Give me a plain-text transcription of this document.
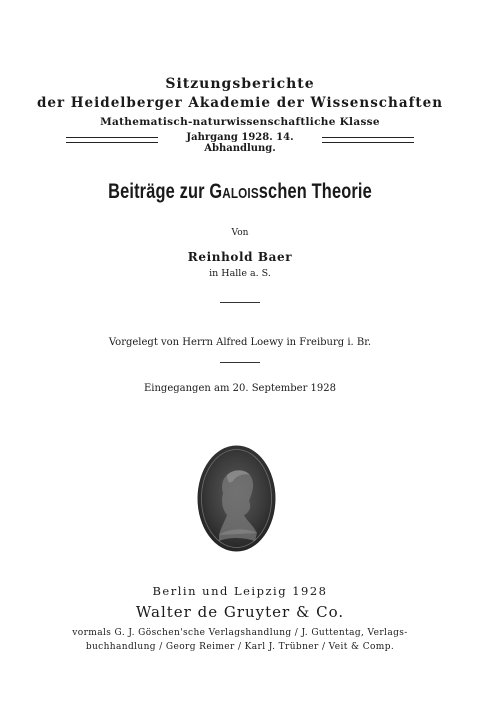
Sitzungsberichte
der Heidelberger Akademie der Wissenschaften
Mathematisch-naturwissenschaftliche Klasse
Jahrgang 1928. 14. Abhandlung.
Beiträge zur Galoisschen Theorie
Von
Reinhold Baer
in Halle a. S.
Vorgelegt von Herrn Alfred Loewy in Freiburg i. Br.
Eingegangen am 20. September 1928
Berlin und Leipzig 1928
Walter de Gruyter & Co.
vormals G. J. Göschen'sche Verlagshandlung / J. Guttentag, Verlags-
buchhandlung / Georg Reimer / Karl J. Trübner / Veit & Comp.
